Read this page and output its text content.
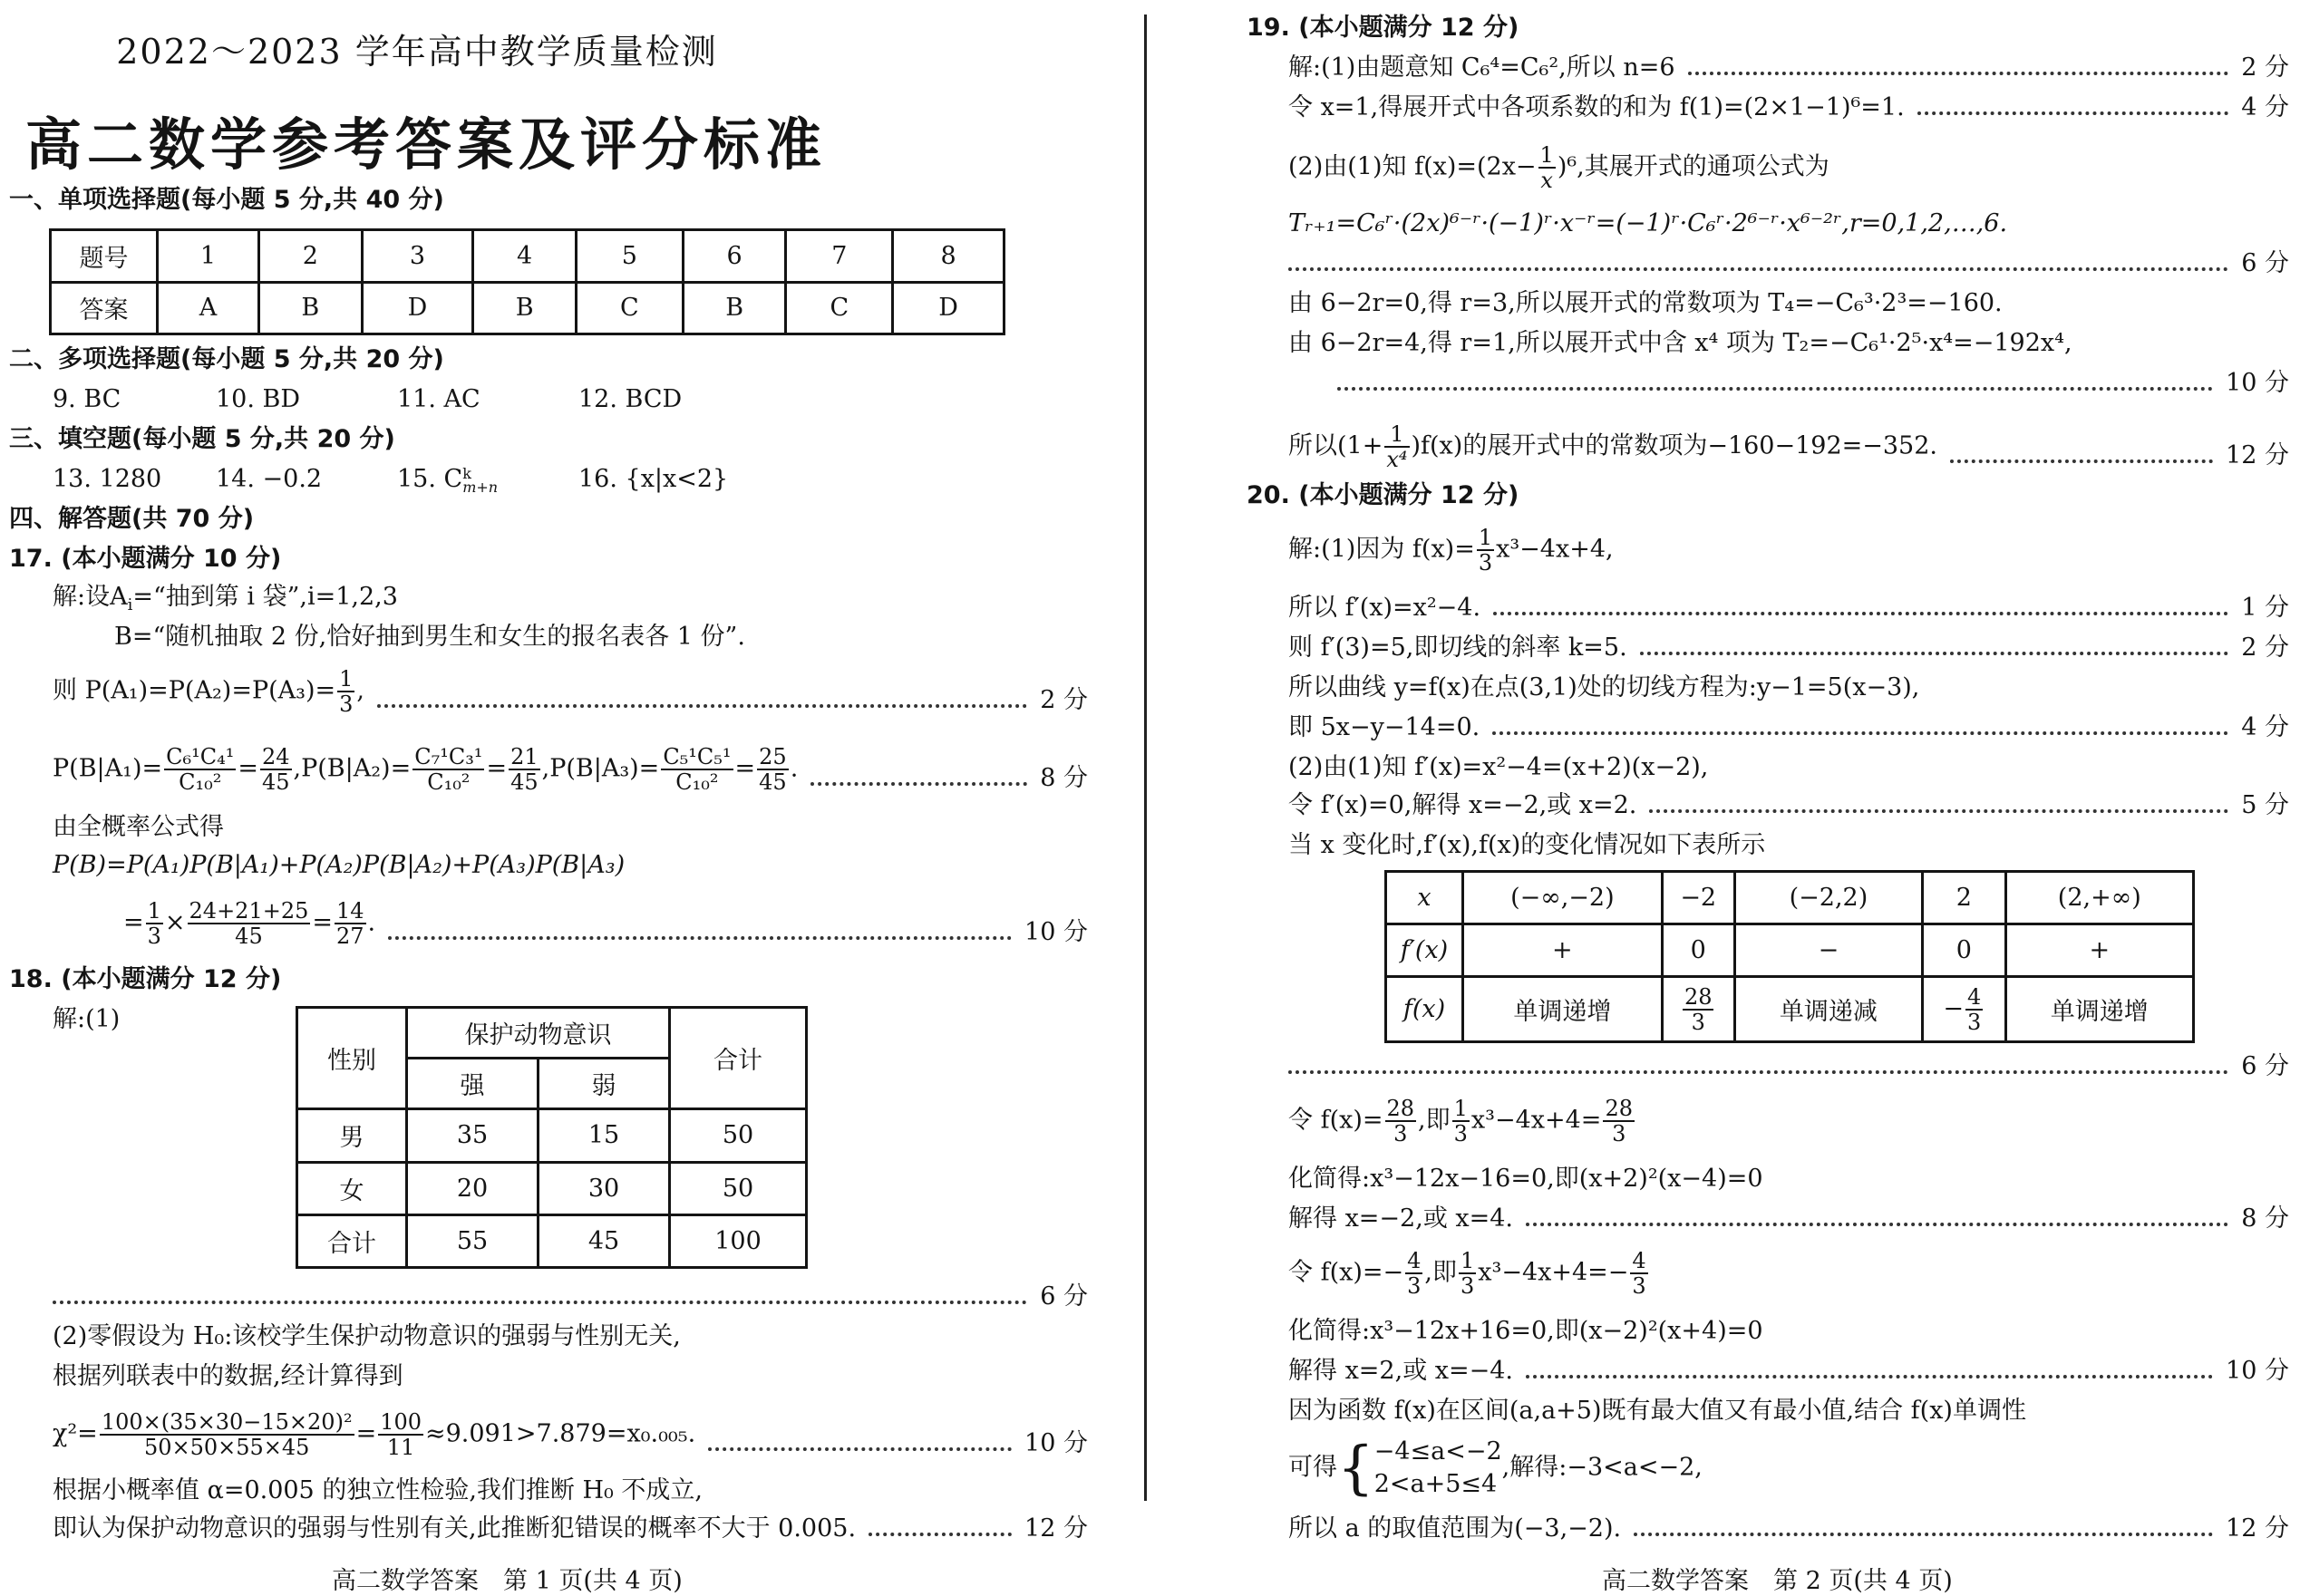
2022～2023 学年高中教学质量检测
高二数学参考答案及评分标准
一、单项选择题(每小题 5 分,共 40 分)
题号	1	2	3	4	5	6	7	8
答案	A	B	D	B	C	B	C	D
二、多项选择题(每小题 5 分,共 20 分)
9. BC	10. BD	11. AC	12. BCD
三、填空题(每小题 5 分,共 20 分)
13. 1280 14. −0.2	15. C k
m+n	16. {x|x<2}
四、解答题(共 70 分)
17. (本小题满分 10 分)
解:设$A_i=“$抽到第 i 袋”,i=1,2,3
B=“随机抽取 2 份,恰好抽到男生和女生的报名表各 1 份”.
则 $P(A_1)=P(A_2)=P(A_3)= \frac{1}{3}$ ,	2 分
$P(B|A_1)= \frac{\text{C₆¹C₄¹}}{\text{C₁₀²}} = \frac{24}{45} ,P(B|A_2)= \frac{\text{C₇¹C₃¹}}{\text{C₁₀²}} = \frac{21}{45} ,P(B|A_3)= \frac{\text{C₅¹C₅¹}}{\text{C₁₀²}} = \frac{25}{45}$ .	8 分
由全概率公式得
P(B)=P(A₁)P(B|A₁)+P(A₂)P(B|A₂)+P(A₃)P(B|A₃)
= $\frac{1}{3} \times \frac{24+21+25}{45} = \frac{14}{27}$ .	10 分
18. (本小题满分 12 分)
解:(1)
性别	保护动物意识		合计
	强	弱	
男	35	15	50
女	20	30	50
合计	55	45	100
6 分
(2)零假设为 H₀:该校学生保护动物意识的强弱与性别无关,
根据列联表中的数据,经计算得到
$\chi^2= \frac{\text{100×(35×30−15×20)²}}{50\times 50\times 55\times 45} = \frac{100}{11} \approx 9.091>7.879=x_0._{005}$.	10 分
根据小概率值 α=0.005 的独立性检验,我们推断 H₀ 不成立,
即认为保护动物意识的强弱与性别有关,此推断犯错误的概率不大于 0.005.	12 分
高二数学答案　第 1 页(共 4 页)
19. (本小题满分 12 分)
解:(1)由题意知 C₆⁴=C₆²,所以 n=6	2 分
令 x=1,得展开式中各项系数的和为 f(1)=(2×1−1)⁶=1.	4 分
(2)由(1)知 $f(x)=(2x- \frac{1}{x} )^6$,其展开式的通项公式为
Tᵣ₊₁=C₆ʳ·(2x)⁶⁻ʳ·(−1)ʳ·x⁻ʳ=(−1)ʳ·C₆ʳ·2⁶⁻ʳ·x⁶⁻²ʳ,r=0,1,2,…,6.
6 分
由 6−2r=0,得 r=3,所以展开式的常数项为 T₄=−C₆³·2³=−160.
由 6−2r=4,得 r=1,所以展开式中含 x⁴ 项为 T₂=−C₆¹·2⁵·x⁴=−192x⁴,
10 分
所以$(1+ \frac{1}{\text{x⁴}} )f(x)$的展开式中的常数项为−160−192=−352.	12 分
20. (本小题满分 12 分)
解:(1)因为 $f(x)= \frac{1}{3} x^3-4x+4$,
所以 f′(x)=x²−4.	1 分
则 f′(3)=5,即切线的斜率 k=5.	2 分
所以曲线 y=f(x)在点(3,1)处的切线方程为:y−1=5(x−3),
即 5x−y−14=0.	4 分
(2)由(1)知 f′(x)=x²−4=(x+2)(x−2),
令 f′(x)=0,解得 x=−2,或 x=2.	5 分
当 x 变化时,f′(x),f(x)的变化情况如下表所示
x	(−∞,−2)	−2	(−2,2)	2	(2,+∞)
f′(x)	+	0	−	0	+
f(x)	单调递增	$\frac{28}{3}$	单调递减	− $\frac{4}{3}$	单调递增
6 分
令 $f(x)= \frac{28}{3}$ ,即 $\frac{1}{3} x^3-4x+4= \frac{28}{3}$
化简得:x³−12x−16=0,即(x+2)²(x−4)=0
解得 x=−2,或 x=4.	8 分
令 $f(x)=- \frac{4}{3}$ ,即 $\frac{1}{3} x^3-4x+4=- \frac{4}{3}$
化简得:x³−12x+16=0,即(x−2)²(x+4)=0
解得 x=2,或 x=−4.	10 分
因为函数 f(x)在区间(a,a+5)既有最大值又有最小值,结合 f(x)单调性
可得{ −4≤a<−2
2<a+5≤4
,解得:−3<a<−2,
所以 a 的取值范围为(−3,−2).	12 分
高二数学答案　第 2 页(共 4 页)
